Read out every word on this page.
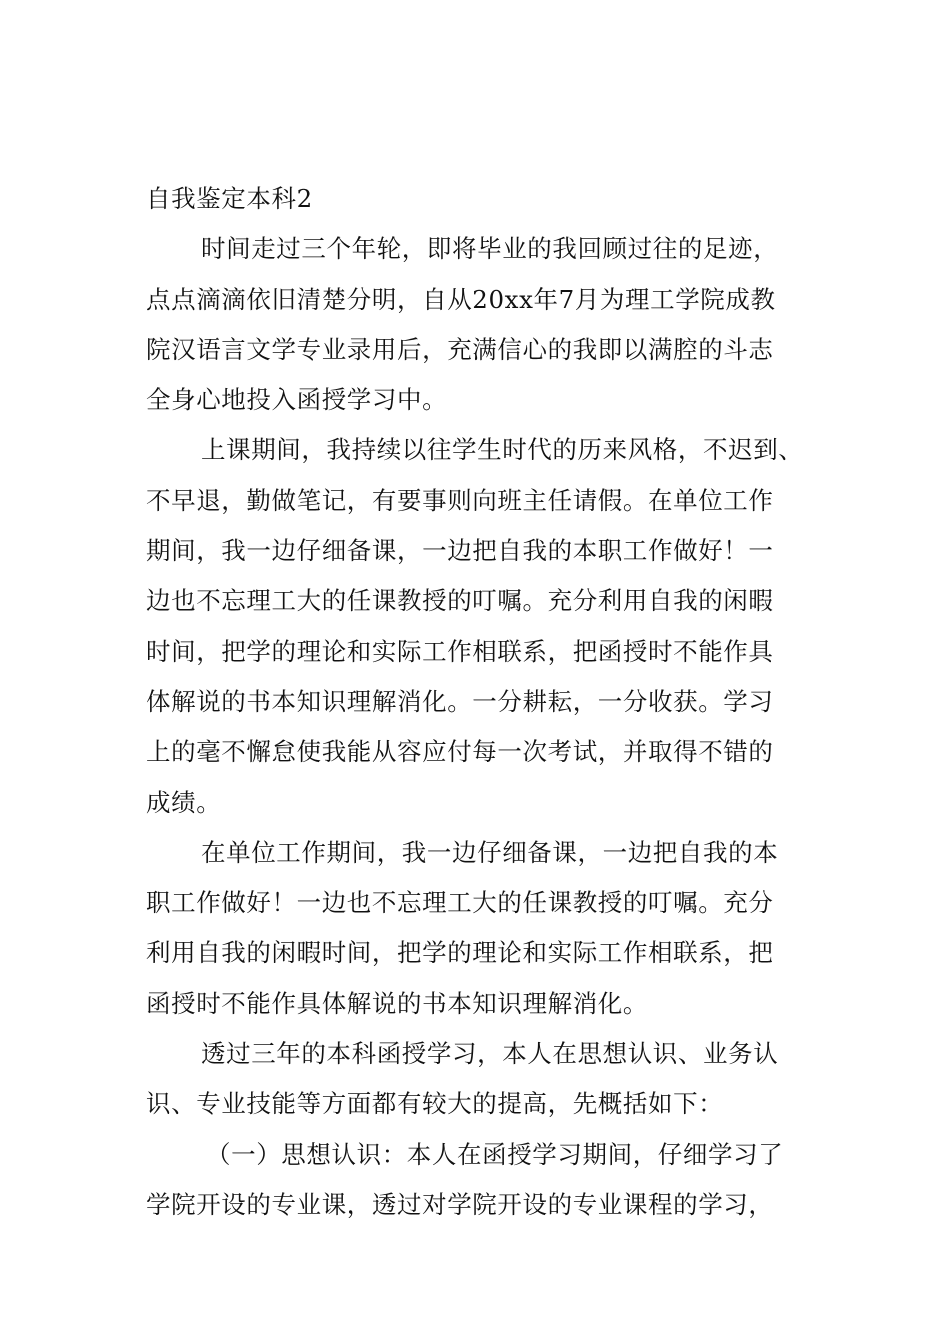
自我鉴定本科2
时间走过三个年轮，即将毕业的我回顾过往的足迹，
点点滴滴依旧清楚分明，自从20xx年7月为理工学院成教
院汉语言文学专业录用后，充满信心的我即以满腔的斗志
全身心地投入函授学习中。
上课期间，我持续以往学生时代的历来风格，不迟到、
不早退，勤做笔记，有要事则向班主任请假。在单位工作
期间，我一边仔细备课，一边把自我的本职工作做好！一
边也不忘理工大的任课教授的叮嘱。充分利用自我的闲暇
时间，把学的理论和实际工作相联系，把函授时不能作具
体解说的书本知识理解消化。一分耕耘，一分收获。学习
上的毫不懈怠使我能从容应付每一次考试，并取得不错的
成绩。
在单位工作期间，我一边仔细备课，一边把自我的本
职工作做好！一边也不忘理工大的任课教授的叮嘱。充分
利用自我的闲暇时间，把学的理论和实际工作相联系，把
函授时不能作具体解说的书本知识理解消化。
透过三年的本科函授学习，本人在思想认识、业务认
识、专业技能等方面都有较大的提高，先概括如下：
（一）思想认识：本人在函授学习期间，仔细学习了
学院开设的专业课，透过对学院开设的专业课程的学习，
